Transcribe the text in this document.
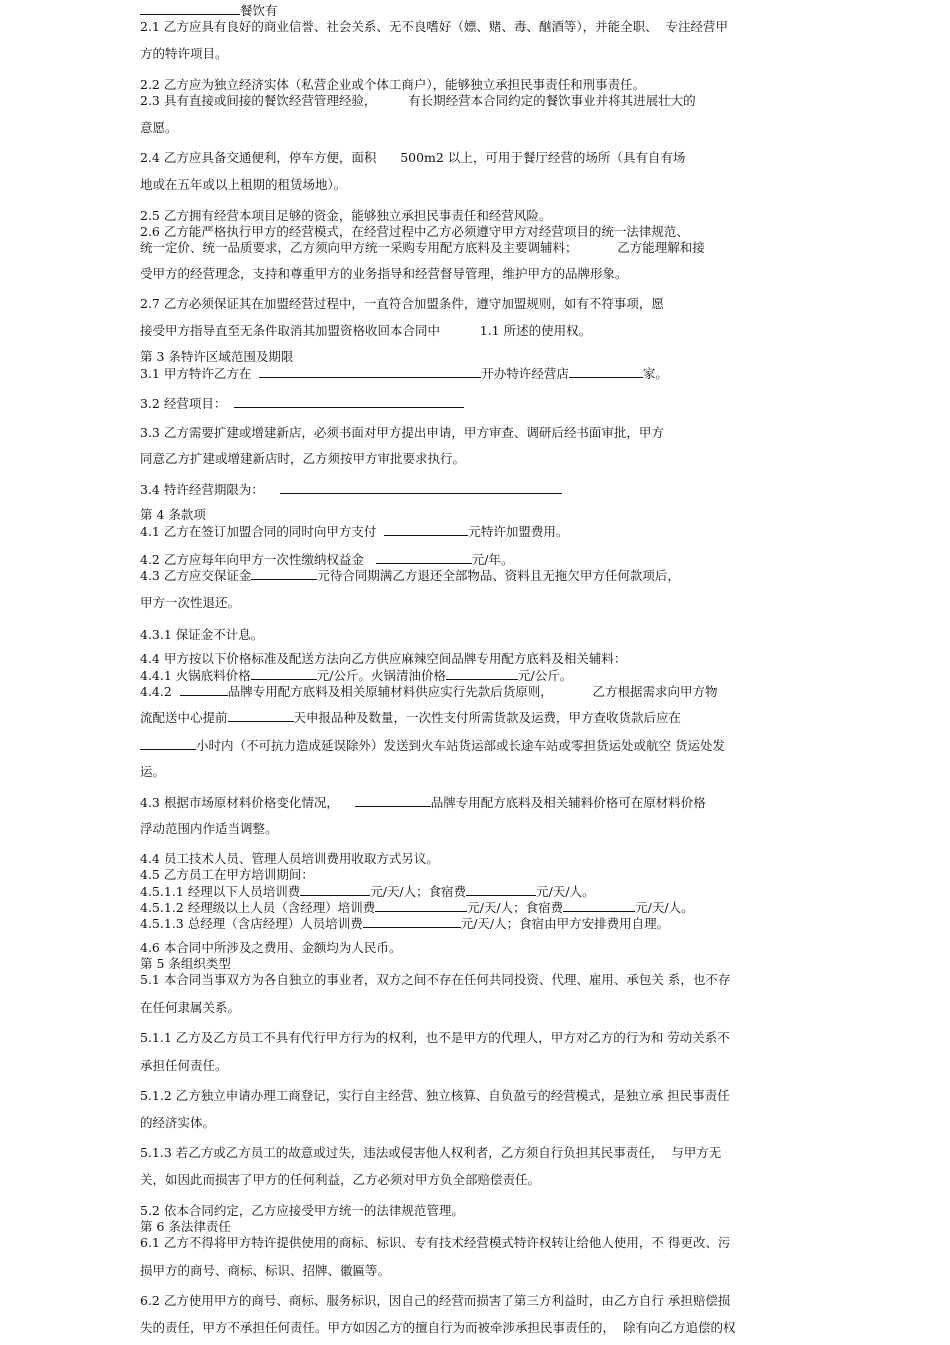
餐饮有
2.1 乙方应具有良好的商业信誉、社会关系、无不良嗜好（嫖、赌、毒、酗酒等），并能全职、  专注经营甲
方的特许项目。
2.2 乙方应为独立经济实体（私营企业或个体工商户），能够独立承担民事责任和刑事责任。
2.3 具有直接或间接的餐饮经营管理经验，        有长期经营本合同约定的餐饮事业并将其进展壮大的
意愿。
2.4 乙方应具备交通便利，停车方便，面积      500m2 以上，可用于餐厅经营的场所（具有自有场
地或在五年或以上租期的租赁场地）。
2.5 乙方拥有经营本项目足够的资金，能够独立承担民事责任和经营风险。
2.6 乙方能严格执行甲方的经营模式，在经营过程中乙方必须遵守甲方对经营项目的统一法律规范、
统一定价、统一品质要求，乙方须向甲方统一采购专用配方底料及主要调辅料；          乙方能理解和接
受甲方的经营理念，支持和尊重甲方的业务指导和经营督导管理，维护甲方的品牌形象。
2.7 乙方必须保证其在加盟经营过程中，一直符合加盟条件，遵守加盟规则，如有不符事项，愿
接受甲方指导直至无条件取消其加盟资格收回本合同中          1.1 所述的使用权。
第 3 条特许区域范围及期限
3.1 甲方特许乙方在	开办特许经营店	家。
3.2 经营项目：
3.3 乙方需要扩建或增建新店，必须书面对甲方提出申请，甲方审查、调研后经书面审批，甲方
同意乙方扩建或增建新店时，乙方须按甲方审批要求执行。
3.4 特许经营期限为：
第 4 条款项
4.1 乙方在签订加盟合同的同时向甲方支付	元特许加盟费用。
4.2 乙方应每年向甲方一次性缴纳权益金	元/年。
4.3 乙方应交保证金	元待合同期满乙方退还全部物品、资料且无拖欠甲方任何款项后，
甲方一次性退还。
4.3.1 保证金不计息。
4.4 甲方按以下价格标准及配送方法向乙方供应麻辣空间品牌专用配方底料及相关辅料：
4.4.1 火锅底料价格	元/公斤。火锅清油价格	元/公斤。
4.4.2	品牌专用配方底料及相关原辅材料供应实行先款后货原则，          乙方根据需求向甲方物
流配送中心提前	天申报品种及数量，一次性支付所需货款及运费，甲方查收货款后应在
小时内（不可抗力造成延误除外）发送到火车站货运部或长途车站或零担货运处或航空 货运处发
运。
4.3 根据市场原材料价格变化情况，	品牌专用配方底料及相关辅料价格可在原材料价格
浮动范围内作适当调整。
4.4 员工技术人员、管理人员培训费用收取方式另议。
4.5 乙方员工在甲方培训期间：
4.5.1.1 经理以下人员培训费	元/天/人；食宿费	元/天/人。
4.5.1.2 经理级以上人员（含经理）培训费	元/天/人；食宿费	元/天/人。
4.5.1.3 总经理（含店经理）人员培训费	元/天/人；食宿由甲方安排费用自理。
4.6 本合同中所涉及之费用、金额均为人民币。
第 5 条组织类型
5.1 本合同当事双方为各自独立的事业者，双方之间不存在任何共同投资、代理、雇用、承包关 系，也不存
在任何隶属关系。
5.1.1 乙方及乙方员工不具有代行甲方行为的权利，也不是甲方的代理人，甲方对乙方的行为和 劳动关系不
承担任何责任。
5.1.2 乙方独立申请办理工商登记，实行自主经营、独立核算、自负盈亏的经营模式，是独立承 担民事责任
的经济实体。
5.1.3 若乙方或乙方员工的故意或过失，违法或侵害他人权利者，乙方须自行负担其民事责任，  与甲方无
关，如因此而损害了甲方的任何利益，乙方必须对甲方负全部赔偿责任。
5.2 依本合同约定，乙方应接受甲方统一的法律规范管理。
第 6 条法律责任
6.1 乙方不得将甲方特许提供使用的商标、标识、专有技术经营模式特许权转让给他人使用，不 得更改、污
损甲方的商号、商标、标识、招牌、徽匾等。
6.2 乙方使用甲方的商号、商标、服务标识，因自己的经营而损害了第三方利益时，由乙方自行 承担赔偿损
失的责任，甲方不承担任何责任。甲方如因乙方的擅自行为而被牵涉承担民事责任的，  除有向乙方追偿的权
